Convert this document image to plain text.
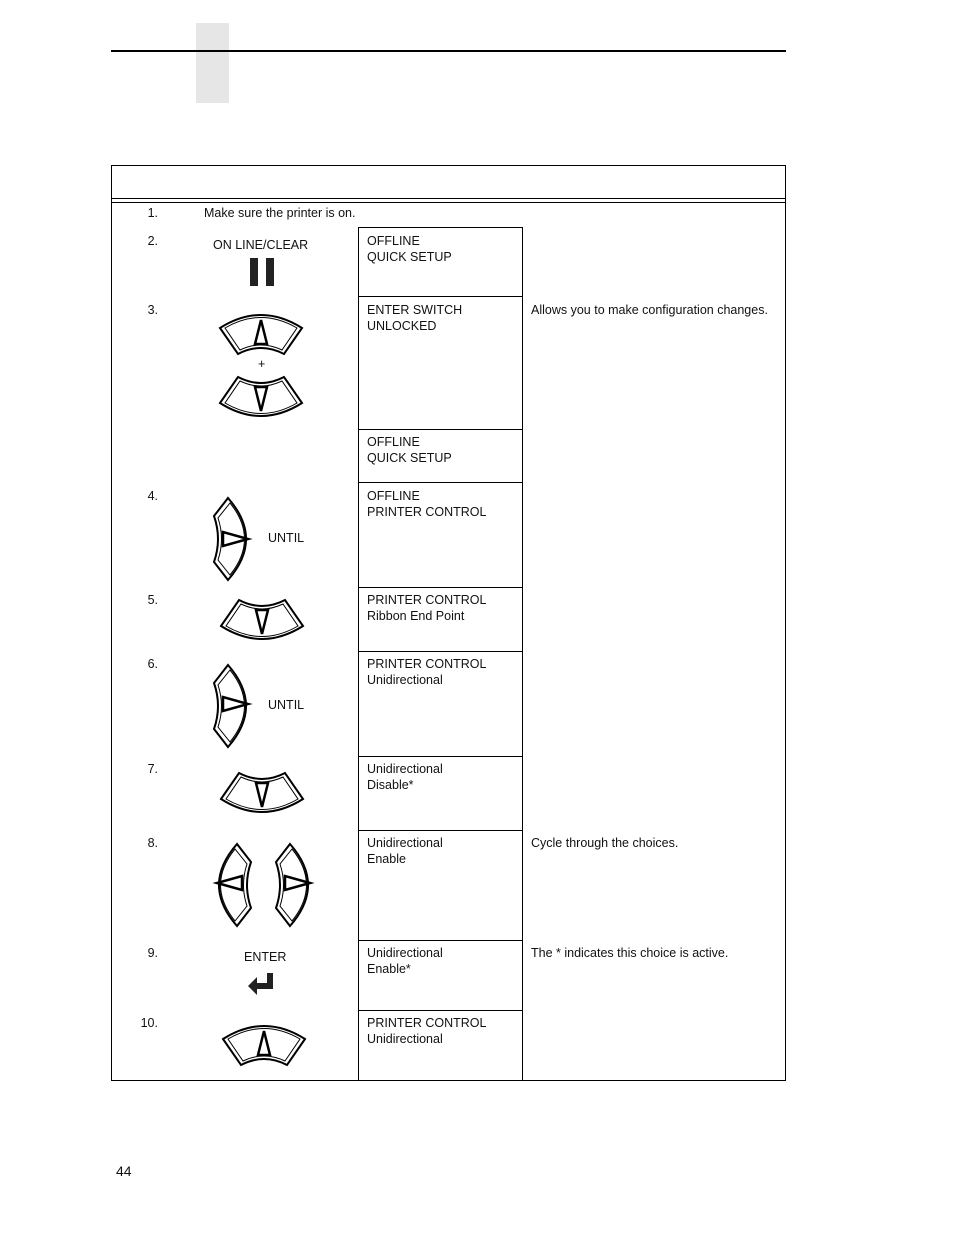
1.	Make sure the printer is on.
2.
3.
4.
5.
6.
7.
8.
9.
10.
ON LINE/CLEAR
+
UNTIL
UNTIL
ENTER
OFFLINE
QUICK SETUP
ENTER SWITCH
UNLOCKED
OFFLINE
QUICK SETUP
OFFLINE
PRINTER CONTROL
PRINTER CONTROL
Ribbon End Point
PRINTER CONTROL
Unidirectional
Unidirectional
Disable*
Unidirectional
Enable
Unidirectional
Enable*
PRINTER CONTROL
Unidirectional
Allows you to make configuration changes.
Cycle through the choices.
The * indicates this choice is active.
44
